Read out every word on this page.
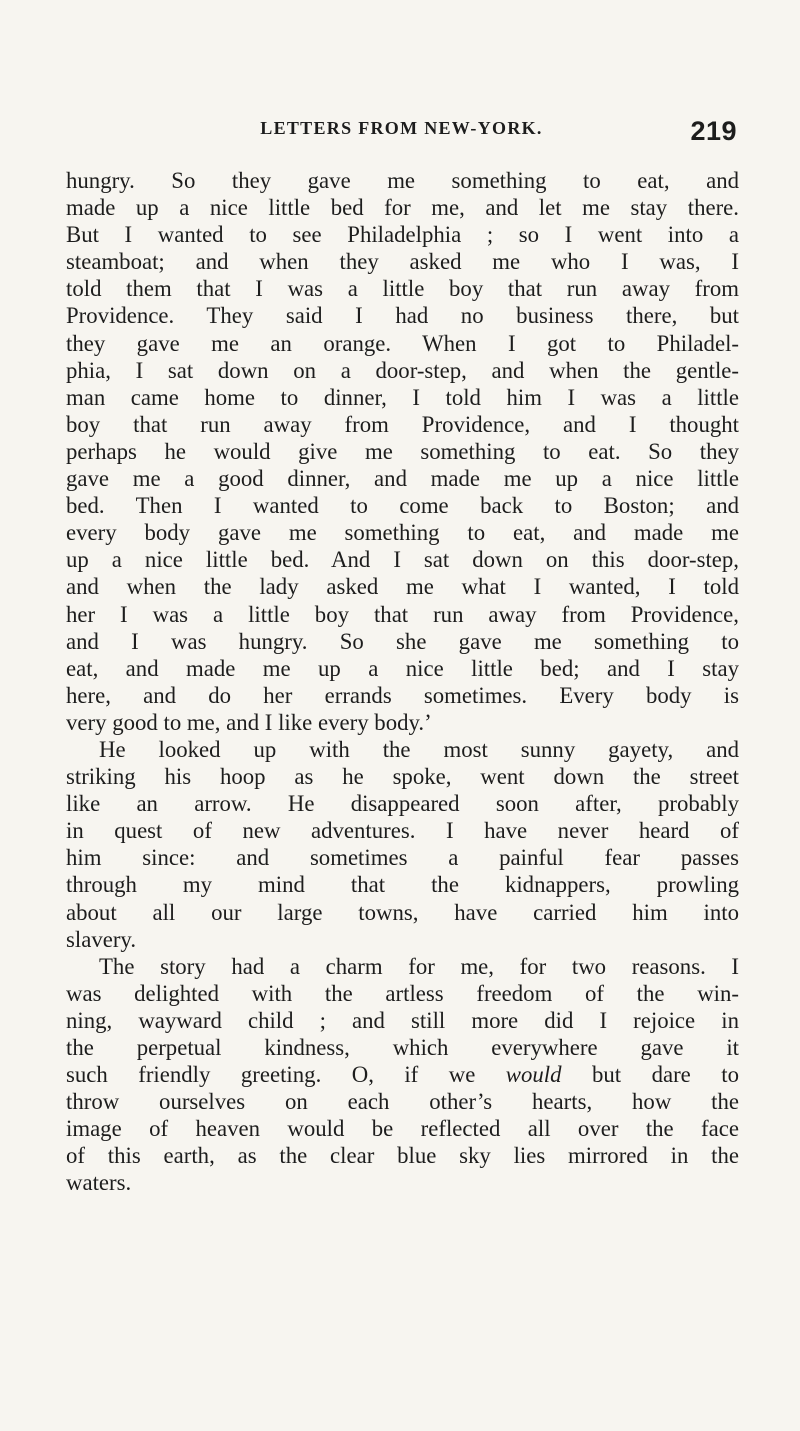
LETTERS FROM NEW-YORK.	219
hungry. So they gave me something to eat, and
made up a nice little bed for me, and let me stay there.
But I wanted to see Philadelphia ; so I went into a
steamboat; and when they asked me who I was, I
told them that I was a little boy that run away from
Providence. They said I had no business there, but
they gave me an orange. When I got to Philadel-
phia, I sat down on a door-step, and when the gentle-
man came home to dinner, I told him I was a little
boy that run away from Providence, and I thought
perhaps he would give me something to eat. So they
gave me a good dinner, and made me up a nice little
bed. Then I wanted to come back to Boston; and
every body gave me something to eat, and made me
up a nice little bed. And I sat down on this door-step,
and when the lady asked me what I wanted, I told
her I was a little boy that run away from Providence,
and I was hungry. So she gave me something to
eat, and made me up a nice little bed; and I stay
here, and do her errands sometimes. Every body is
very good to me, and I like every body.’
He looked up with the most sunny gayety, and
striking his hoop as he spoke, went down the street
like an arrow. He disappeared soon after, probably
in quest of new adventures. I have never heard of
him since: and sometimes a painful fear passes
through my mind that the kidnappers, prowling
about all our large towns, have carried him into
slavery.
The story had a charm for me, for two reasons. I
was delighted with the artless freedom of the win-
ning, wayward child ; and still more did I rejoice in
the perpetual kindness, which everywhere gave it
such friendly greeting. O, if we would but dare to
throw ourselves on each other’s hearts, how the
image of heaven would be reflected all over the face
of this earth, as the clear blue sky lies mirrored in the
waters.
